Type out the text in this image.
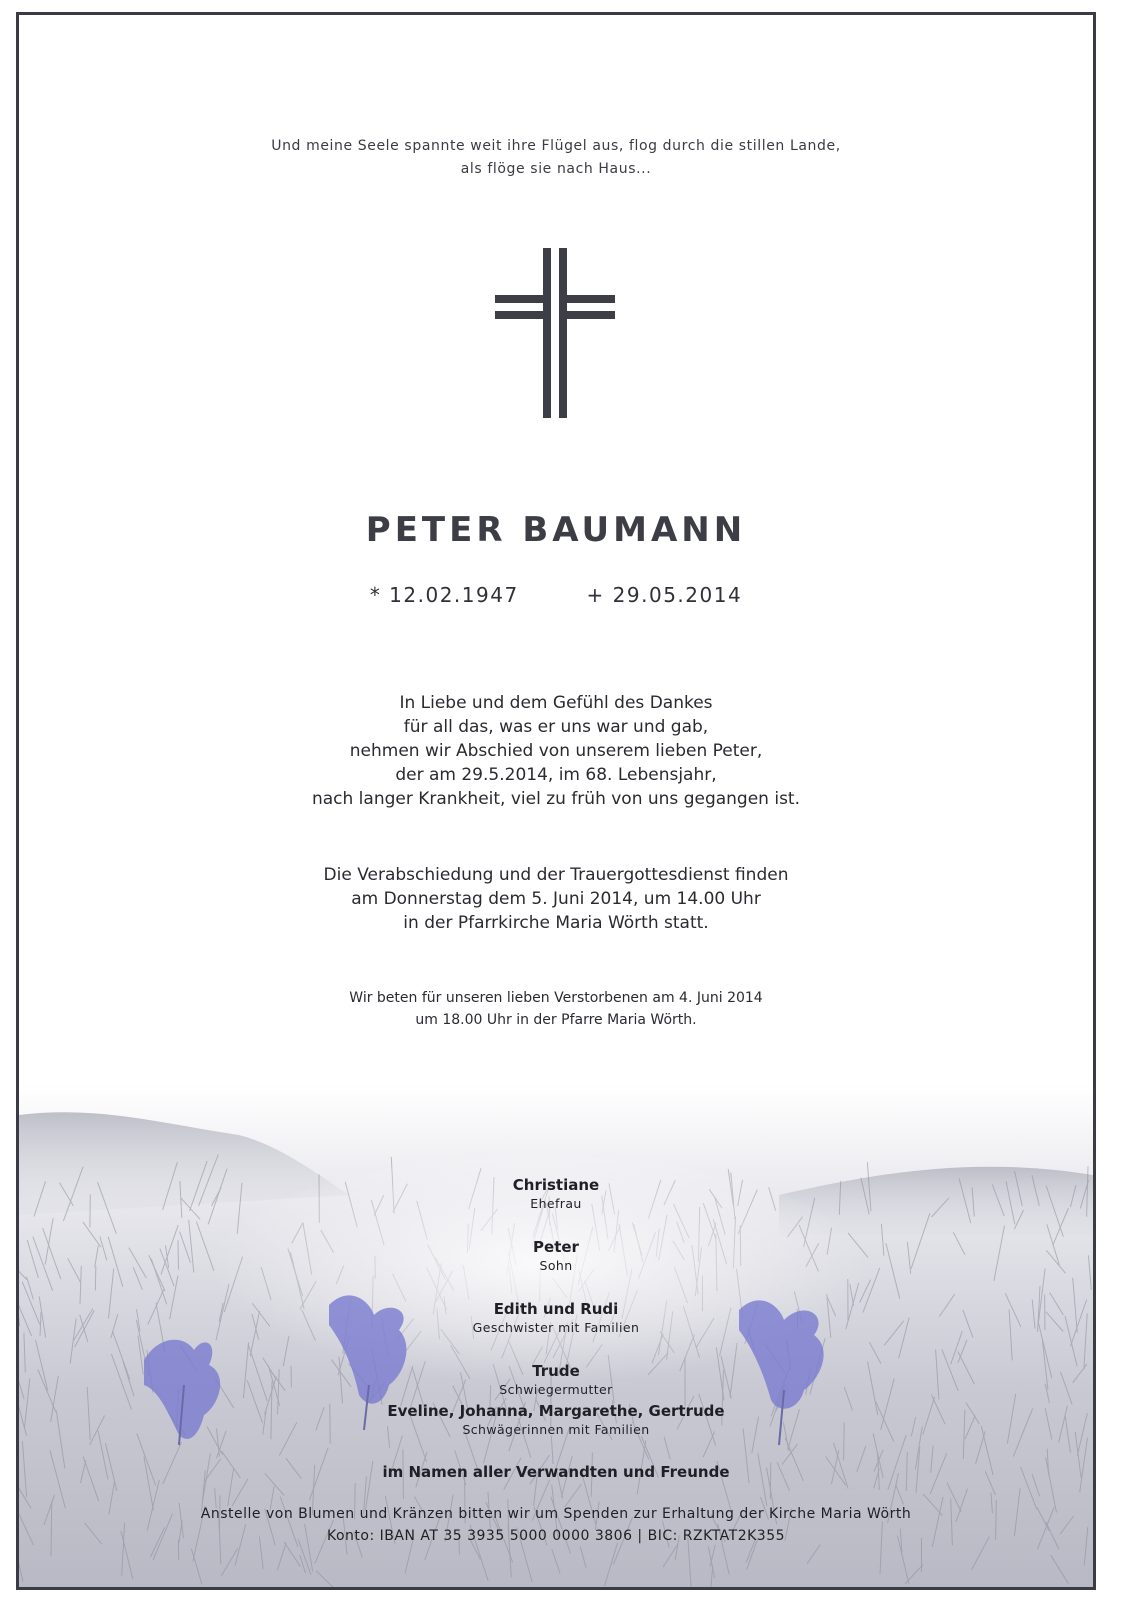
Und meine Seele spannte weit ihre Flügel aus, flog durch die stillen Lande,
als flöge sie nach Haus...
PETER BAUMANN
* 12.02.1947	+ 29.05.2014
In Liebe und dem Gefühl des Dankes
für all das, was er uns war und gab,
nehmen wir Abschied von unserem lieben Peter,
der am 29.5.2014, im 68. Lebensjahr,
nach langer Krankheit, viel zu früh von uns gegangen ist.
Die Verabschiedung und der Trauergottesdienst finden
am Donnerstag dem 5. Juni 2014, um 14.00 Uhr
in der Pfarrkirche Maria Wörth statt.
Wir beten für unseren lieben Verstorbenen am 4. Juni 2014
um 18.00 Uhr in der Pfarre Maria Wörth.
Christiane
Ehefrau
Peter
Sohn
Edith und Rudi
Geschwister mit Familien
Trude
Schwiegermutter
Eveline, Johanna, Margarethe, Gertrude
Schwägerinnen mit Familien
im Namen aller Verwandten und Freunde
Anstelle von Blumen und Kränzen bitten wir um Spenden zur Erhaltung der Kirche Maria Wörth
Konto: IBAN AT 35 3935 5000 0000 3806 | BIC: RZKTAT2K355
